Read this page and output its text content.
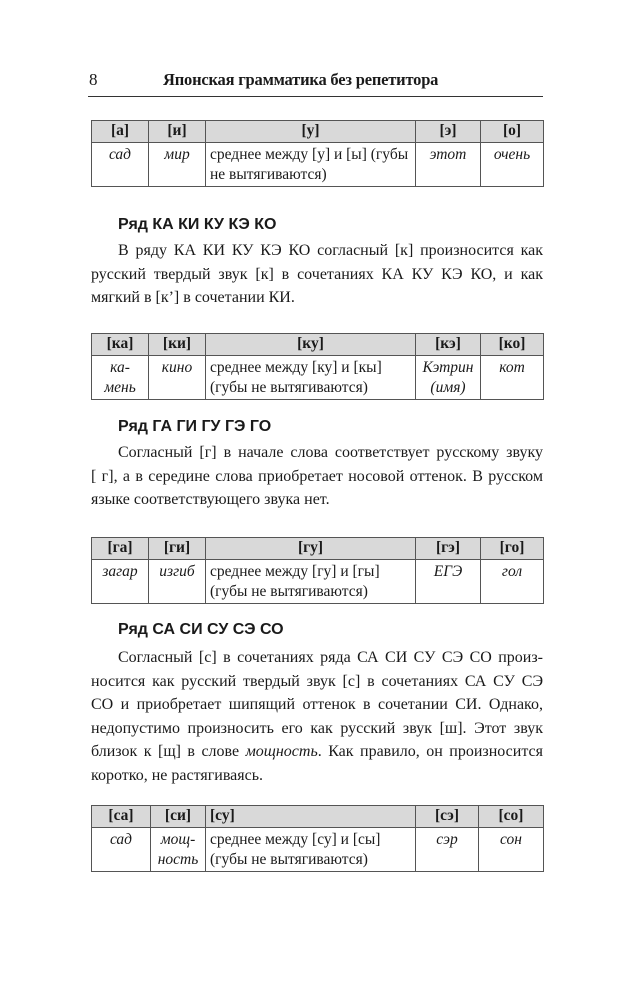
8	Японская грамматика без репетитора
Ряд КА КИ КУ КЭ КО
В ряду КА КИ КУ КЭ КО согласный [к] произносится как
русский твердый звук [к] в сочетаниях КА КУ КЭ КО, и как
мягкий в [к’] в сочетании КИ.
Ряд ГА ГИ ГУ ГЭ ГО
Согласный [г] в начале слова соответствует русскому звуку
[ г], а в середине слова приобретает носовой оттенок. В русском
языке соответствующего звука нет.
Ряд СА СИ СУ СЭ СО
Согласный [с] в сочетаниях ряда СА СИ СУ СЭ СО произ-
носится как русский твердый звук [с] в сочетаниях СА СУ СЭ
СО и приобретает шипящий оттенок в сочетании СИ. Однако,
недопустимо произносить его как русский звук [ш]. Этот звук
близок к [щ] в слове мощность. Как правило, он произносится
коротко, не растягиваясь.
[а]	[и]	[у]	[э]	[о]
сад	мир	среднее между [у] и [ы] (губы не вытягиваются)	этот	очень
[ка]	[ки]	[ку]	[кэ]	[ко]
ка-
мень	кино	среднее между [ку] и [кы] (губы не вытягиваются)	Кэтрин (имя)	кот
[га]	[ги]	[гу]	[гэ]	[го]
загар	изгиб	среднее между [гу] и [гы] (губы не вытягиваются)	ЕГЭ	гол
[са]	[си]	[су]	[сэ]	[со]
сад	мощ-
ность	среднее между [су] и [сы] (губы не вытягиваются)	сэр	сон
